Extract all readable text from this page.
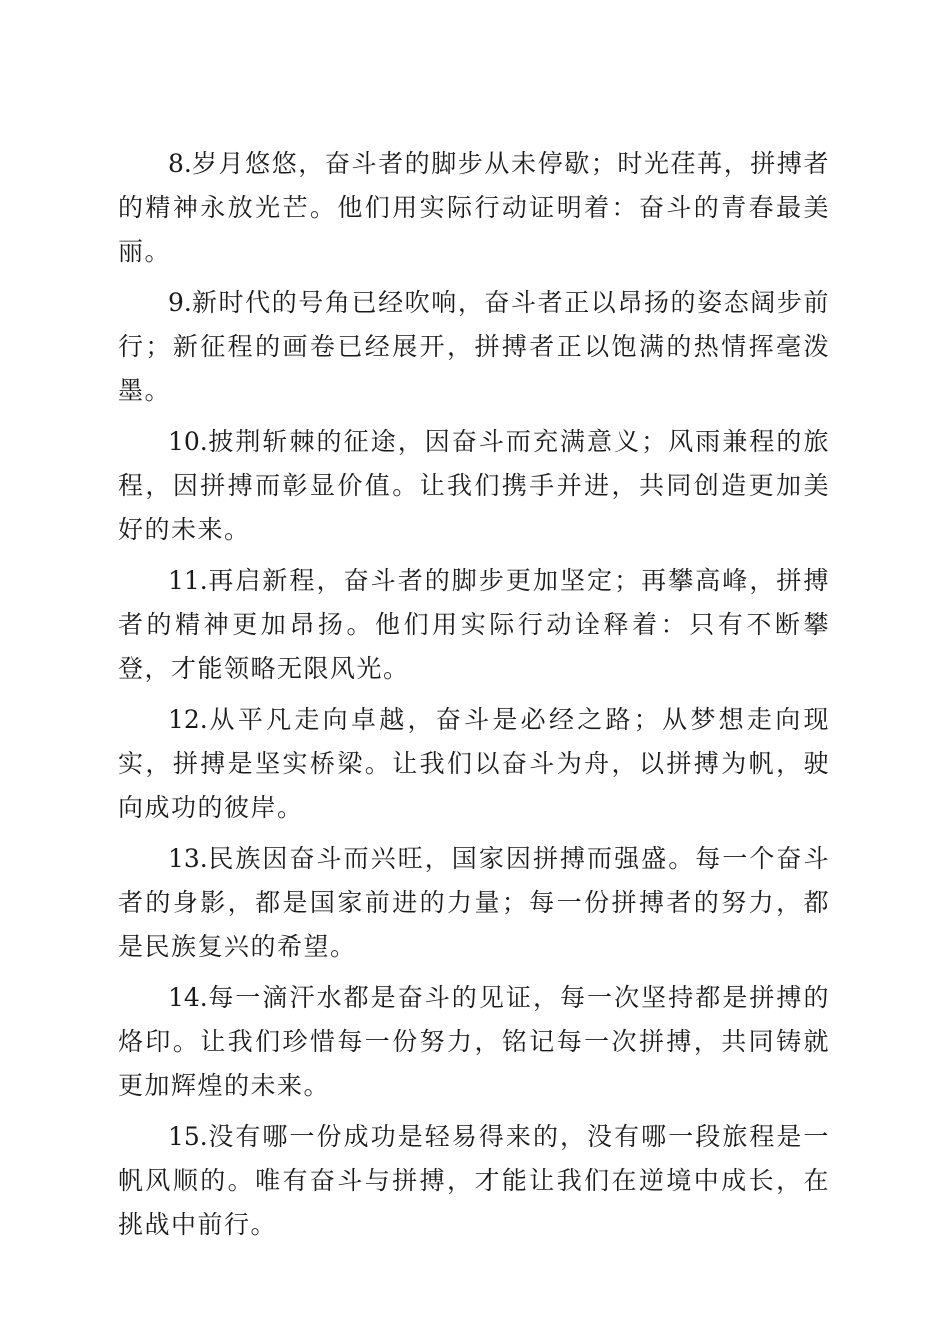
8.岁月悠悠，奋斗者的脚步从未停歇；时光荏苒，拼搏者的精神永放光芒。他们用实际行动证明着：奋斗的青春最美丽。

9.新时代的号角已经吹响，奋斗者正以昂扬的姿态阔步前行；新征程的画卷已经展开，拼搏者正以饱满的热情挥毫泼墨。

10.披荆斩棘的征途，因奋斗而充满意义；风雨兼程的旅程，因拼搏而彰显价值。让我们携手并进，共同创造更加美好的未来。

11.再启新程，奋斗者的脚步更加坚定；再攀高峰，拼搏者的精神更加昂扬。他们用实际行动诠释着：只有不断攀登，才能领略无限风光。

12.从平凡走向卓越，奋斗是必经之路；从梦想走向现实，拼搏是坚实桥梁。让我们以奋斗为舟，以拼搏为帆，驶向成功的彼岸。

13.民族因奋斗而兴旺，国家因拼搏而强盛。每一个奋斗者的身影，都是国家前进的力量；每一份拼搏者的努力，都是民族复兴的希望。

14.每一滴汗水都是奋斗的见证，每一次坚持都是拼搏的烙印。让我们珍惜每一份努力，铭记每一次拼搏，共同铸就更加辉煌的未来。

15.没有哪一份成功是轻易得来的，没有哪一段旅程是一帆风顺的。唯有奋斗与拼搏，才能让我们在逆境中成长，在挑战中前行。
